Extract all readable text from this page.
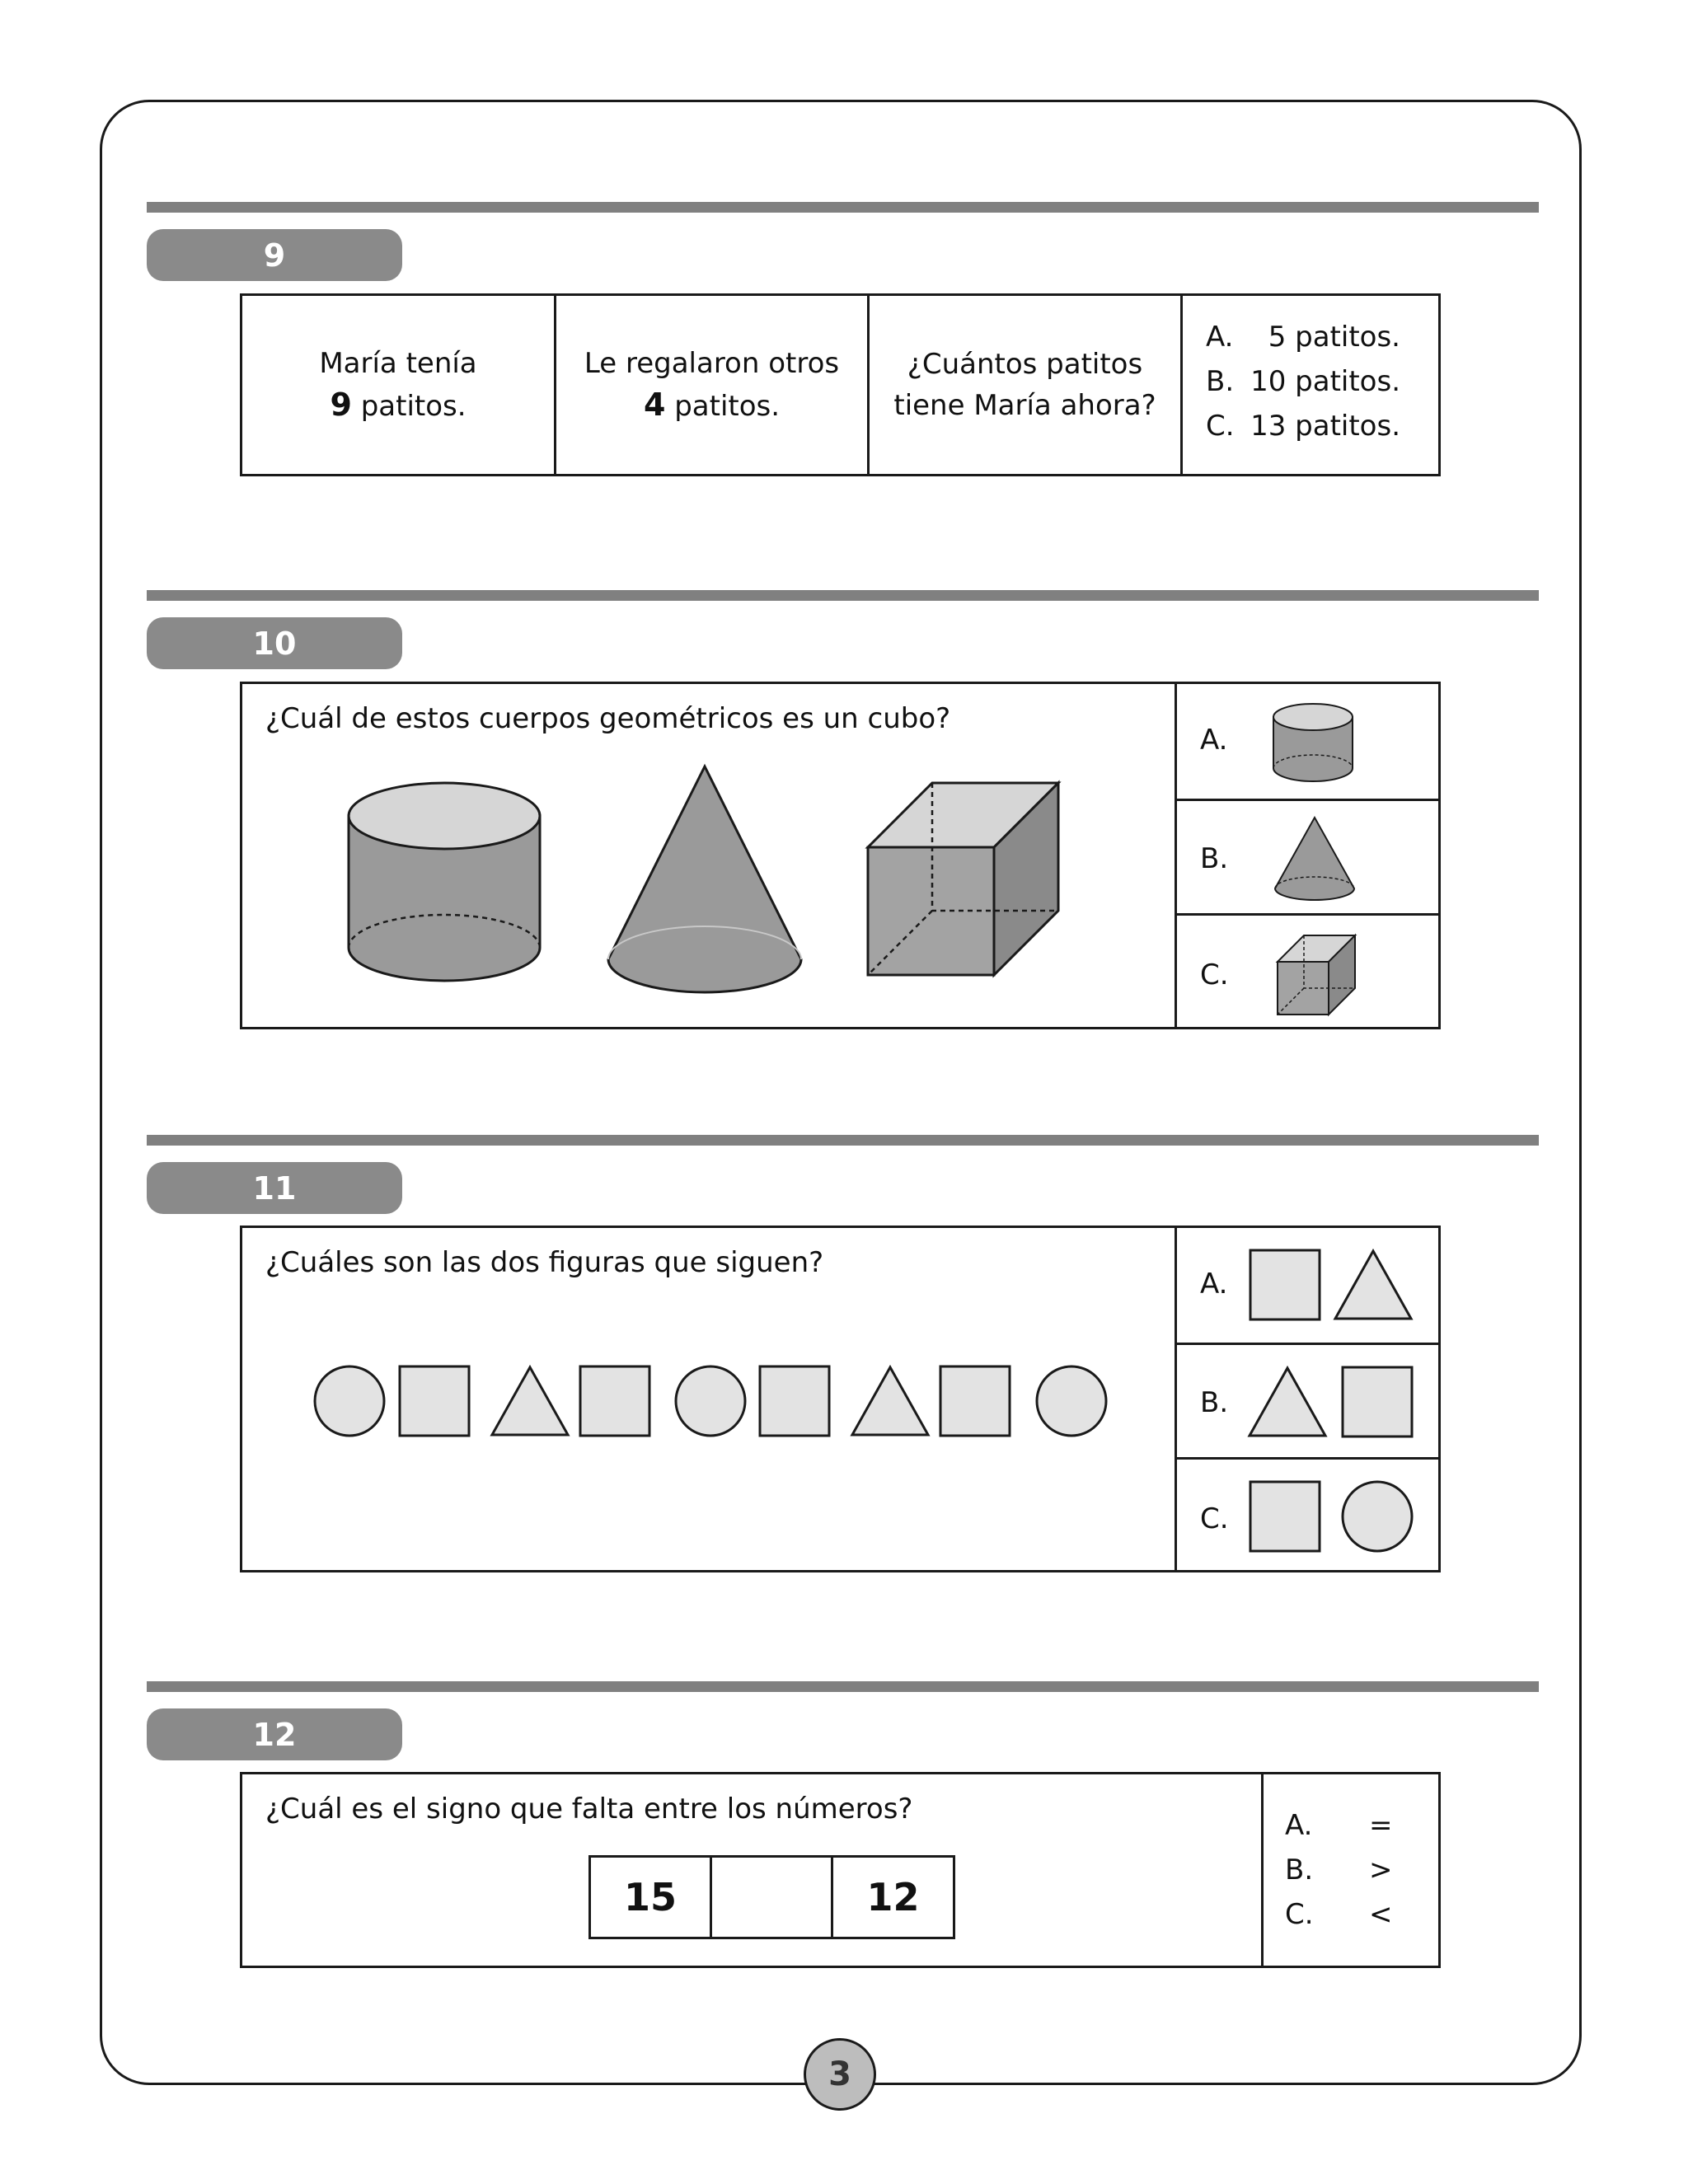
9
María tenía
9 patitos.
Le regalaron otros
4 patitos.
¿Cuántos patitos
tiene María ahora?
A. 5 patitos.
B. 10 patitos.
C. 13 patitos.
10
¿Cuál de estos cuerpos geométricos es un cubo?
A.
B.
C.
11
¿Cuáles son las dos figuras que siguen?
A.
B.
C.
12
¿Cuál es el signo que falta entre los números?	A. =
B. >
C. <
15	12
3
